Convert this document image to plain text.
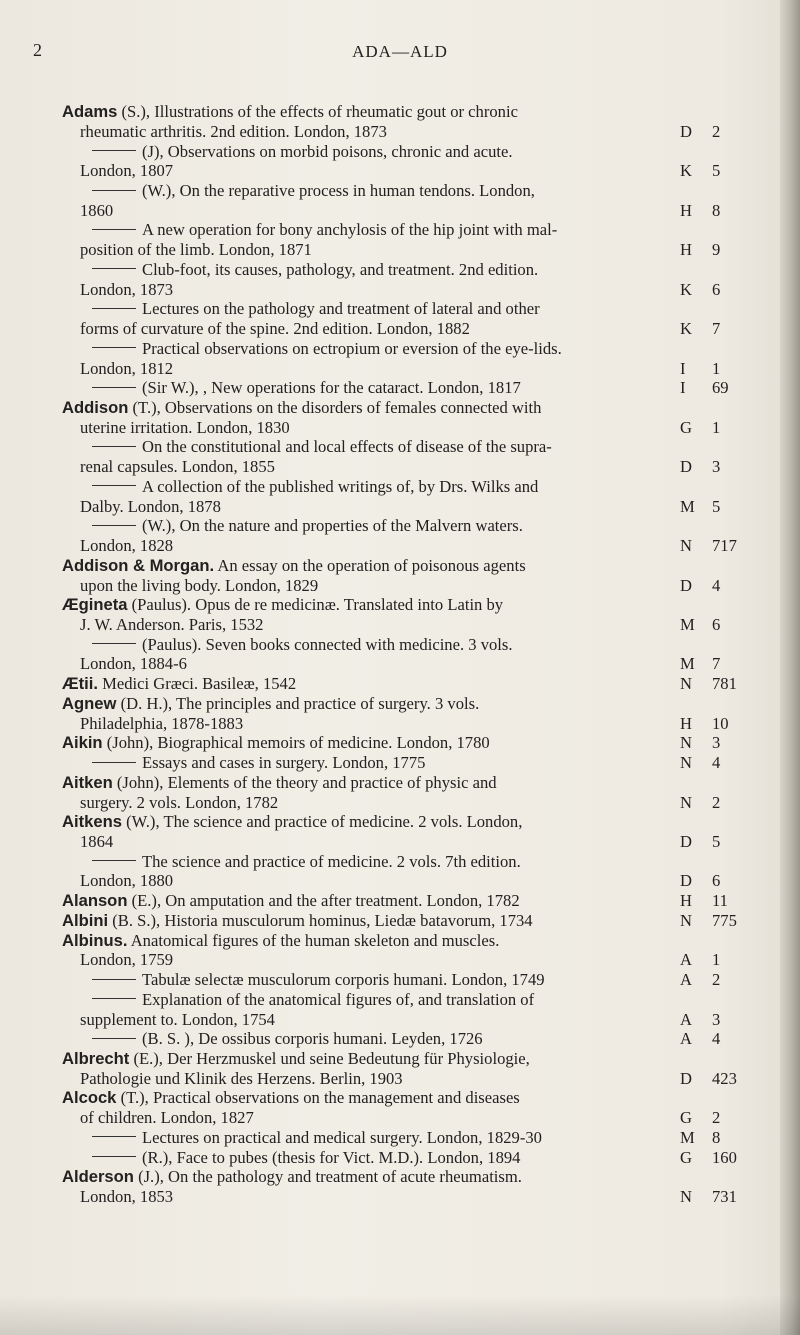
2	ADA—ALD
Adams (S.), Illustrations of the effects of rheumatic gout or chronic
rheumatic arthritis. 2nd edition. London, 1873	D	2
(J), Observations on morbid poisons, chronic and acute.
London, 1807	K	5
(W.), On the reparative process in human tendons. London,
1860	H	8
A new operation for bony anchylosis of the hip joint with mal-
position of the limb. London, 1871	H	9
Club-foot, its causes, pathology, and treatment. 2nd edition.
London, 1873	K	6
Lectures on the pathology and treatment of lateral and other
forms of curvature of the spine. 2nd edition. London, 1882	K	7
Practical observations on ectropium or eversion of the eye-lids.
London, 1812	I	1
(Sir W.), , New operations for the cataract. London, 1817	I	69
Addison (T.), Observations on the disorders of females connected with
uterine irritation. London, 1830	G	1
On the constitutional and local effects of disease of the supra-
renal capsules. London, 1855	D	3
A collection of the published writings of, by Drs. Wilks and
Dalby. London, 1878	M	5
(W.), On the nature and properties of the Malvern waters.
London, 1828	N	717
Addison & Morgan. An essay on the operation of poisonous agents
upon the living body. London, 1829	D	4
Ægineta (Paulus). Opus de re medicinæ. Translated into Latin by
J. W. Anderson. Paris, 1532	M	6
(Paulus). Seven books connected with medicine. 3 vols.
London, 1884-6	M	7
Ætii. Medici Græci. Basileæ, 1542	N	781
Agnew (D. H.), The principles and practice of surgery. 3 vols.
Philadelphia, 1878-1883	H	10
Aikin (John), Biographical memoirs of medicine. London, 1780	N	3
Essays and cases in surgery. London, 1775	N	4
Aitken (John), Elements of the theory and practice of physic and
surgery. 2 vols. London, 1782	N	2
Aitkens (W.), The science and practice of medicine. 2 vols. London,
1864	D	5
The science and practice of medicine. 2 vols. 7th edition.
London, 1880	D	6
Alanson (E.), On amputation and the after treatment. London, 1782	H	11
Albini (B. S.), Historia musculorum hominus, Liedæ batavorum, 1734	N	775
Albinus. Anatomical figures of the human skeleton and muscles.
London, 1759	A	1
Tabulæ selectæ musculorum corporis humani. London, 1749	A	2
Explanation of the anatomical figures of, and translation of
supplement to. London, 1754	A	3
(B. S. ), De ossibus corporis humani. Leyden, 1726	A	4
Albrecht (E.), Der Herzmuskel und seine Bedeutung für Physiologie,
Pathologie und Klinik des Herzens. Berlin, 1903	D	423
Alcock (T.), Practical observations on the management and diseases
of children. London, 1827	G	2
Lectures on practical and medical surgery. London, 1829-30	M	8
(R.), Face to pubes (thesis for Vict. M.D.). London, 1894	G	160
Alderson (J.), On the pathology and treatment of acute rheumatism.
London, 1853	N	731
